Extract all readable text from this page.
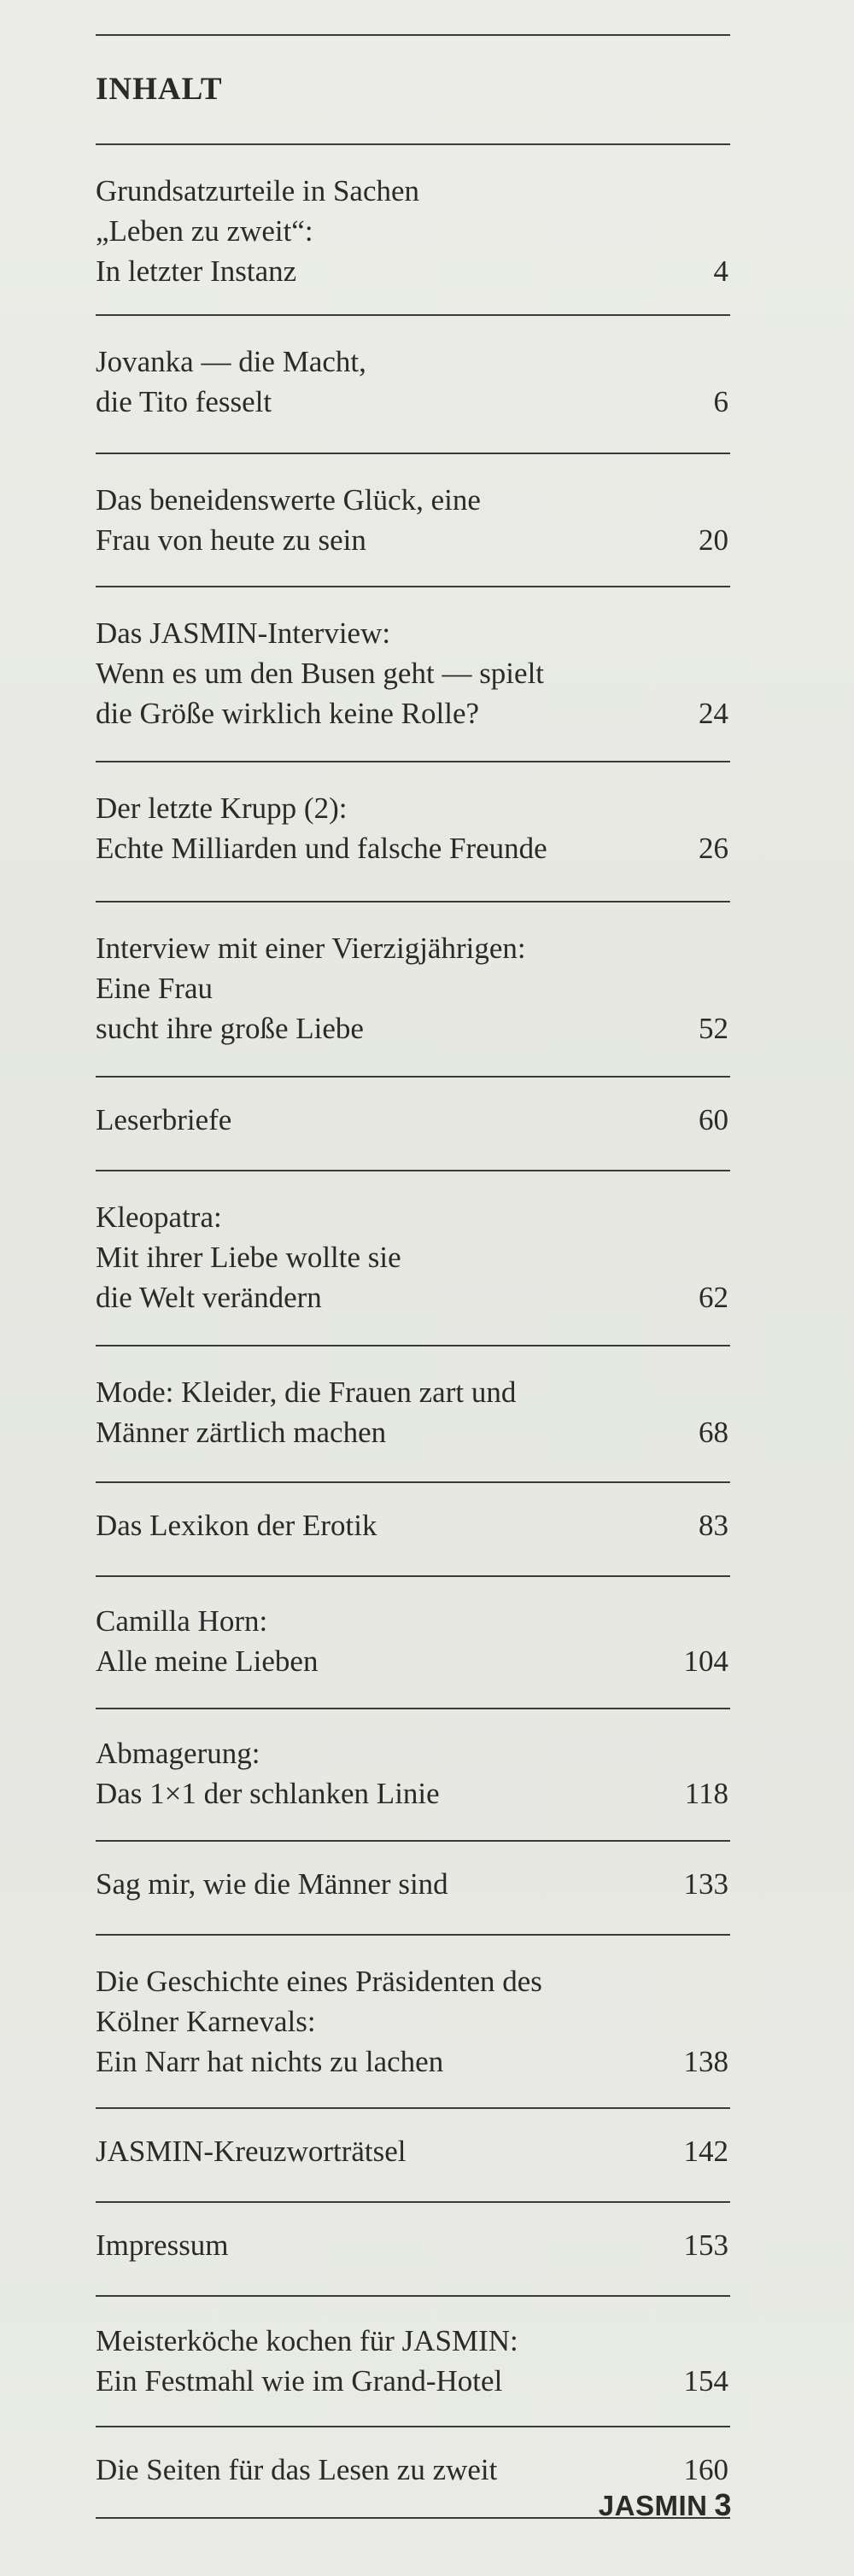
INHALT
Grundsatzurteile in Sachen
„Leben zu zweit“:
In letzter Instanz	4
Jovanka — die Macht,
die Tito fesselt	6
Das beneidenswerte Glück, eine
Frau von heute zu sein	20
Das JASMIN-Interview:
Wenn es um den Busen geht — spielt
die Größe wirklich keine Rolle?	24
Der letzte Krupp (2):
Echte Milliarden und falsche Freunde	26
Interview mit einer Vierzigjährigen:
Eine Frau
sucht ihre große Liebe	52
Leserbriefe	60
Kleopatra:
Mit ihrer Liebe wollte sie
die Welt verändern	62
Mode: Kleider, die Frauen zart und
Männer zärtlich machen	68
Das Lexikon der Erotik	83
Camilla Horn:
Alle meine Lieben	104
Abmagerung:
Das 1×1 der schlanken Linie	118
Sag mir, wie die Männer sind	133
Die Geschichte eines Präsidenten des
Kölner Karnevals:
Ein Narr hat nichts zu lachen	138
JASMIN-Kreuzworträtsel	142
Impressum	153
Meisterköche kochen für JASMIN:
Ein Festmahl wie im Grand-Hotel	154
Die Seiten für das Lesen zu zweit	160
JASMIN 3
